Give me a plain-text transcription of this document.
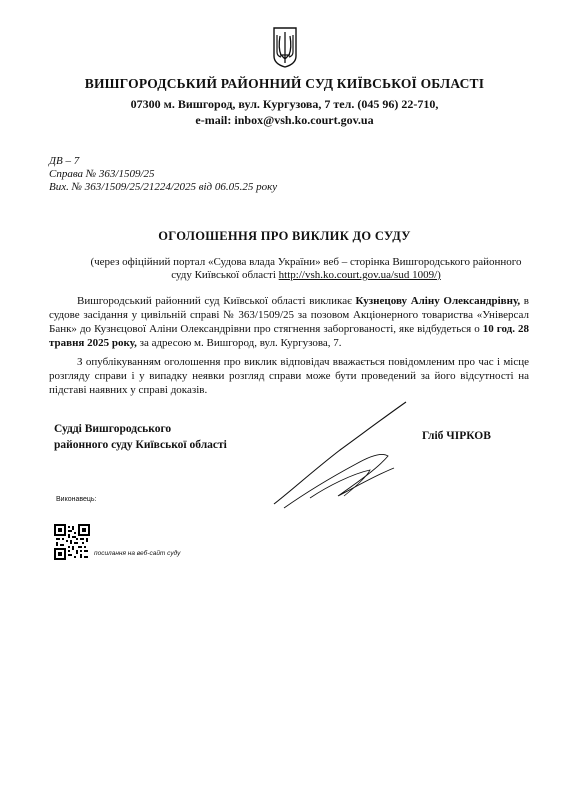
ВИШГОРОДСЬКИЙ РАЙОННИЙ СУД КИЇВСЬКОЇ ОБЛАСТІ
07300 м. Вишгород, вул. Кургузова, 7 тел. (045 96) 22-710,
e-mail: inbox@vsh.ko.court.gov.ua
ДВ – 7
Справа № 363/1509/25
Вих. № 363/1509/25/21224/2025 від 06.05.25 року
ОГОЛОШЕННЯ ПРО ВИКЛИК ДО СУДУ
(через офіційний портал «Судова влада України» веб – сторінка Вишгородського районного суду Київської області http://vsh.ko.court.gov.ua/sud 1009/)

Вишгородський районний суд Київської області викликає Кузнецову Аліну Олександрівну, в судове засідання у цивільній справі № 363/1509/25 за позовом Акціонерного товариства «Універсал Банк» до Кузнєцової Аліни Олександрівни про стягнення заборгованості, яке відбудеться о 10 год. 28 травня 2025 року, за адресою м. Вишгород, вул. Кургузова, 7.

З опублікуванням оголошення про виклик відповідач вважається повідомленим про час і місце розгляду справи і у випадку неявки розгляд справи може бути проведений за його відсутності на підставі наявних у справі доказів.

Судді Вишгородського
районного суду Київської області
Гліб ЧІРКОВ
Виконавець:
посилання на веб-сайт суду
